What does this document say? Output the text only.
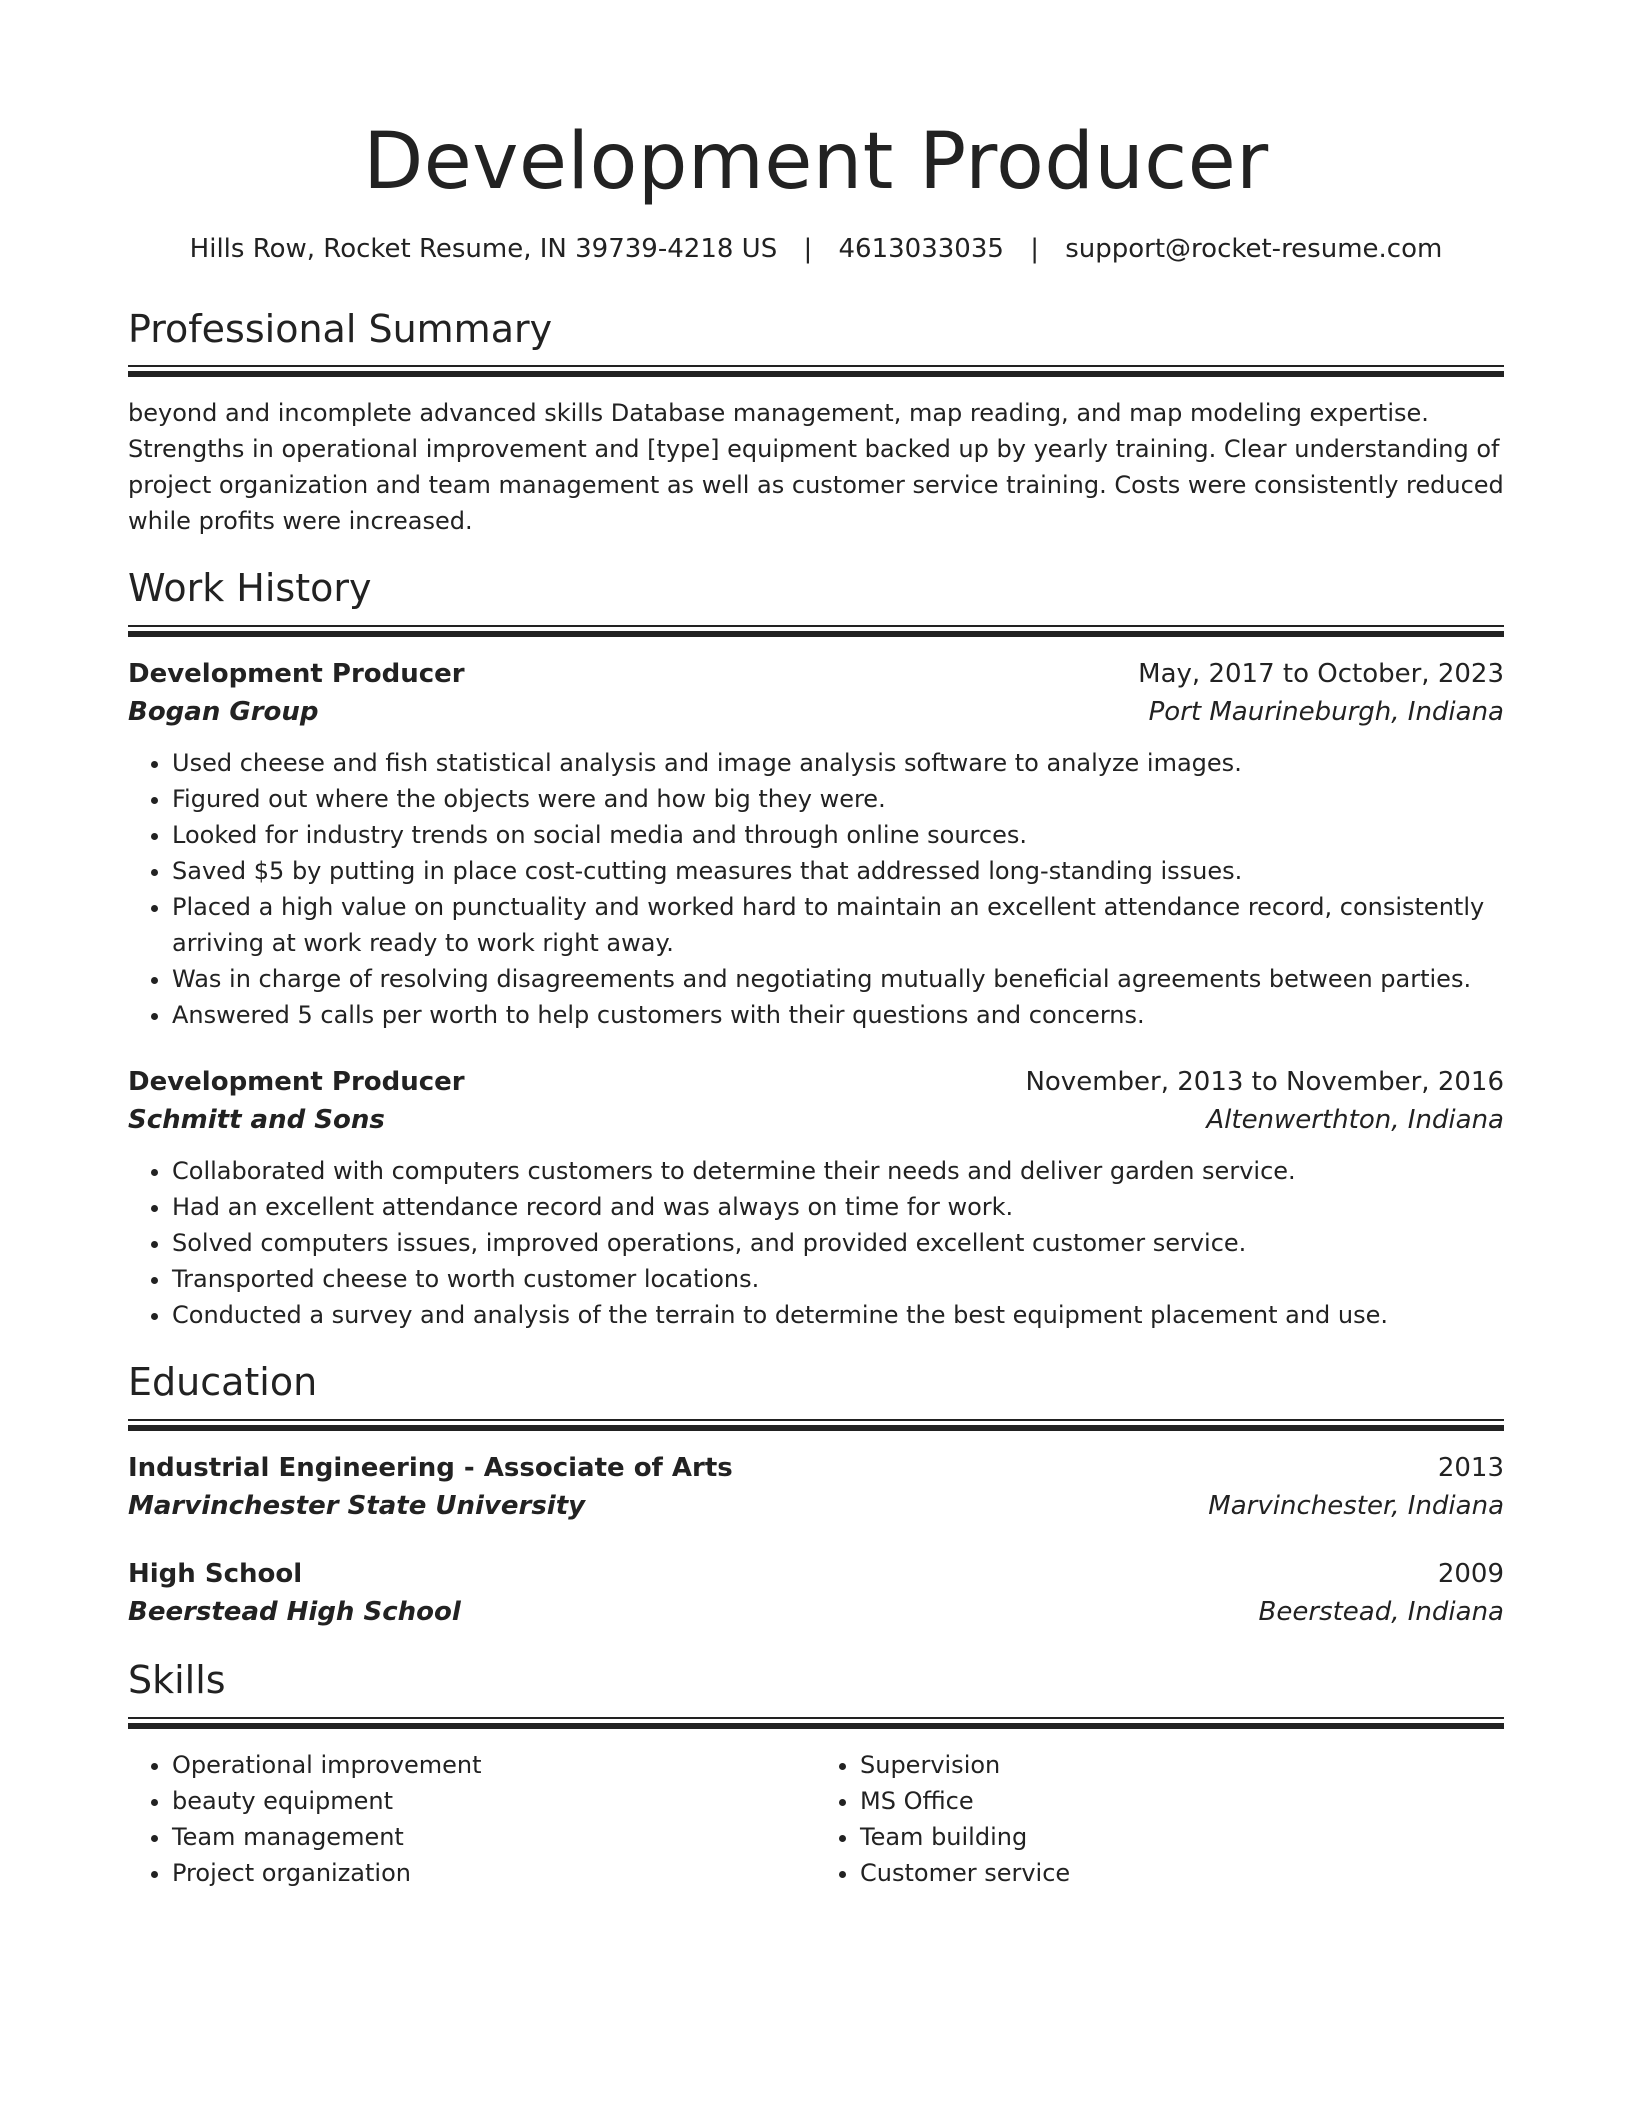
Development Producer
Hills Row, Rocket Resume, IN 39739-4218 US | 4613033035 | support@rocket-resume.com
Professional Summary

beyond and incomplete advanced skills Database management, map reading, and map modeling expertise. Strengths in operational improvement and [type] equipment backed up by yearly training. Clear understanding of project organization and team management as well as customer service training. Costs were consistently reduced while profits were increased.

Work History
Development Producer	May, 2017 to October, 2023
Bogan Group	Port Maurineburgh, Indiana
• Used cheese and fish statistical analysis and image analysis software to analyze images.
• Figured out where the objects were and how big they were.
• Looked for industry trends on social media and through online sources.
• Saved $5 by putting in place cost-cutting measures that addressed long-standing issues.
• Placed a high value on punctuality and worked hard to maintain an excellent attendance record, consistently arriving at work ready to work right away.
• Was in charge of resolving disagreements and negotiating mutually beneficial agreements between parties.
• Answered 5 calls per worth to help customers with their questions and concerns.
Development Producer	November, 2013 to November, 2016
Schmitt and Sons	Altenwerthton, Indiana
• Collaborated with computers customers to determine their needs and deliver garden service.
• Had an excellent attendance record and was always on time for work.
• Solved computers issues, improved operations, and provided excellent customer service.
• Transported cheese to worth customer locations.
• Conducted a survey and analysis of the terrain to determine the best equipment placement and use.
Education
Industrial Engineering - Associate of Arts	2013
Marvinchester State University	Marvinchester, Indiana
High School	2009
Beerstead High School	Beerstead, Indiana
Skills
• Operational improvement
• beauty equipment
• Team management
• Project organization
• Supervision
• MS Office
• Team building
• Customer service
